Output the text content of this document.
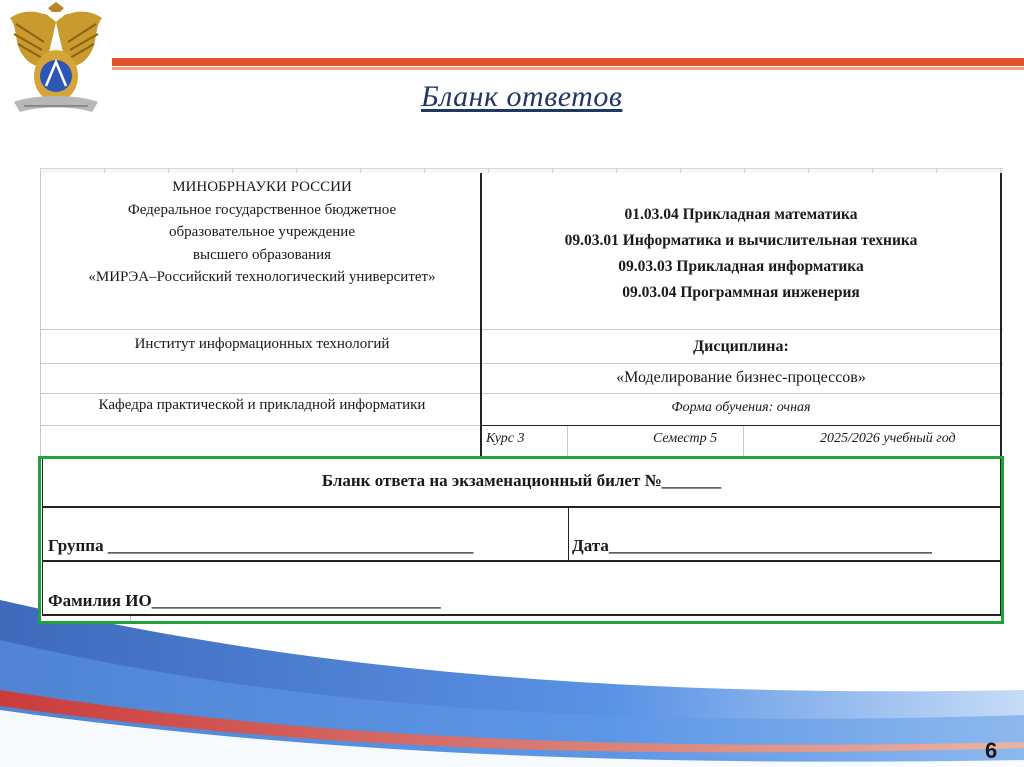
Бланк ответов
МИНОБРНАУКИ РОССИИ
Федеральное государственное бюджетное
образовательное учреждение
высшего образования
«МИРЭА–Российский технологический университет»
01.03.04 Прикладная математика
09.03.01 Информатика и вычислительная техника
09.03.03 Прикладная информатика
09.03.04 Программная инженерия
Институт информационных технологий
Кафедра практической и прикладной информатики
Дисциплина:
«Моделирование бизнес-процессов»
Форма обучения: очная
Курс 3	Семестр 5	2025/2026 учебный год
Бланк ответа на экзаменационный билет №_______
Группа ___________________________________________	Дата______________________________________
Фамилия ИО__________________________________
6
